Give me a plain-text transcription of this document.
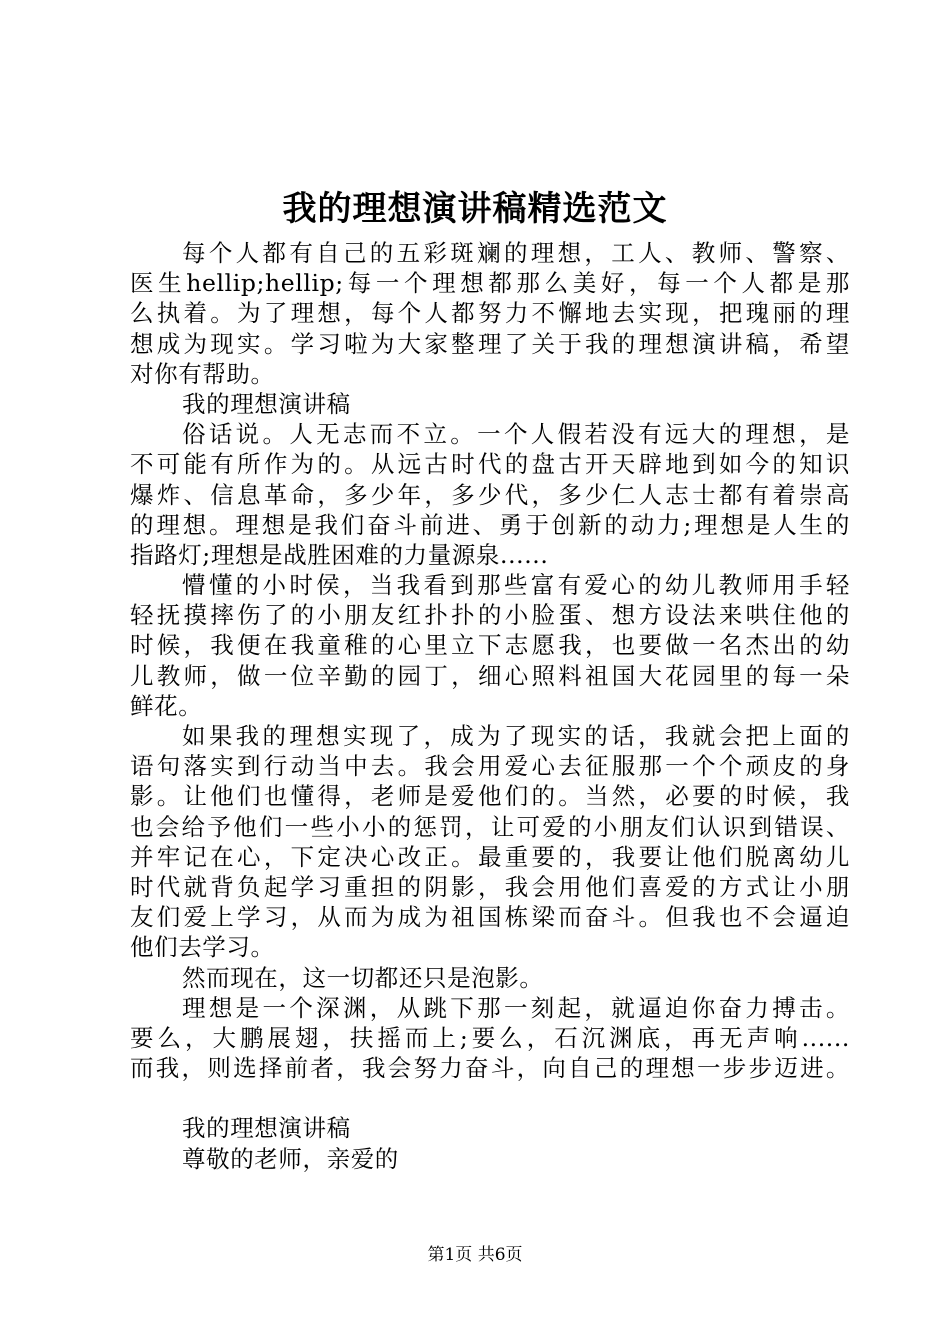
我的理想演讲稿精选范文
每个人都有自己的五彩斑斓的理想，工人、教师、警察、
医生hellip;hellip;每一个理想都那么美好，每一个人都是那
么执着。为了理想，每个人都努力不懈地去实现，把瑰丽的理
想成为现实。学习啦为大家整理了关于我的理想演讲稿，希望
对你有帮助。
我的理想演讲稿
俗话说。人无志而不立。一个人假若没有远大的理想，是
不可能有所作为的。从远古时代的盘古开天辟地到如今的知识
爆炸、信息革命，多少年，多少代，多少仁人志士都有着崇高
的理想。理想是我们奋斗前进、勇于创新的动力;理想是人生的
指路灯;理想是战胜困难的力量源泉......
懵懂的小时侯，当我看到那些富有爱心的幼儿教师用手轻
轻抚摸摔伤了的小朋友红扑扑的小脸蛋、想方设法来哄住他的
时候，我便在我童稚的心里立下志愿我，也要做一名杰出的幼
儿教师，做一位辛勤的园丁，细心照料祖国大花园里的每一朵
鲜花。
如果我的理想实现了，成为了现实的话，我就会把上面的
语句落实到行动当中去。我会用爱心去征服那一个个顽皮的身
影。让他们也懂得，老师是爱他们的。当然，必要的时候，我
也会给予他们一些小小的惩罚，让可爱的小朋友们认识到错误、
并牢记在心，下定决心改正。最重要的，我要让他们脱离幼儿
时代就背负起学习重担的阴影，我会用他们喜爱的方式让小朋
友们爱上学习，从而为成为祖国栋梁而奋斗。但我也不会逼迫
他们去学习。
然而现在，这一切都还只是泡影。
理想是一个深渊，从跳下那一刻起，就逼迫你奋力搏击。
要么，大鹏展翅，扶摇而上;要么，石沉渊底，再无声响......
而我，则选择前者，我会努力奋斗，向自己的理想一步步迈进。
我的理想演讲稿
尊敬的老师，亲爱的
第1页 共6页
